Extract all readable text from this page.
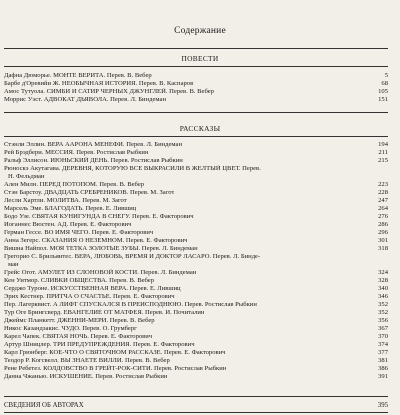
Содержание
ПОВЕСТИ
Дафна Дюморье. МОНТЕ ВЕРИТА. Перев. В. Вебер	5
Барбе д'Оревийи Ж. НЕОБЫЧНАЯ ИСТОРИЯ. Перев. В. Каспаров	68
Амос Тутуола. СИМБИ И САТИР ЧЕРНЫХ ДЖУНГЛЕЙ. Перев. В. Вебер	105
Моррис Уэст. АДВОКАТ ДЬЯВОЛА. Перев. Л. Биндеман	151
РАССКАЗЫ
Стэнли Эллин. ВЕРА ААРОНА МЕНЕФИ. Перев. Л. Биндеман	194
Рей Брэдбери. МЕССИЯ. Перев. Ростислав Рыбкин	211
Ральф Эллисон. ИЮНЬСКИЙ ДЕНЬ. Перев. Ростислав Рыбкин	215
Рюноскэ Акутагава. ДЕРЕВНЯ, КОТОРУЮ ВСЕ ВЫКРАСИЛИ В ЖЕЛТЫЙ ЦВЕТ. Перев.
Н. Фельдман
Ален Милн. ПЕРЕД ПОТОПОМ. Перев. В. Вебер	223
Стэн Барстоу. ДВАДЦАТЬ СРЕБРЕНИКОВ. Перев. М. Загот	228
Лесли Хартли. МОЛИТВА. Перев. М. Загот	247
Марсель Эме. БЛАГОДАТЬ. Перев. Е. Лившиц	264
Бодо Узе. СВЯТАЯ КУНИГУНДА В СНЕГУ. Перев. Е. Факторович	276
Иоганнес Вюстен. АД. Перев. Е. Факторович	286
Герман Гессе. ВО ИМЯ ЧЕГО. Перев. Е. Факторович	296
Анна Зегерс. СКАЗАНИЯ О НЕЗЕМНОМ. Перев. Е. Факторович	301
Вишна Найпол. МОЯ ТЕТКА ЗОЛОТЫЕ ЗУБЫ. Перев. Л. Биндеман	318
Грегорио С. Брильянтес. ВЕРА, ЛЮБОВЬ, ВРЕМЯ И ДОКТОР ЛАСАРО. Перев. Л. Бинде-
ман
Грейс Огот. АМУЛЕТ ИЗ СЛОНОВОЙ КОСТИ. Перев. Л. Биндеман	324
Кен Уитмор. СЛИВКИ ОБЩЕСТВА. Перев. В. Вебер	328
Серджо Туроне. ИСКУССТВЕННАЯ ВЕРА. Перев. Е. Лившиц	340
Эрих Кестнер. ПРИТЧА О СЧАСТЬЕ. Перев. Е. Факторович	346
Пер. Лагерквист. А ЛИФТ СПУСКАЛСЯ В ПРЕИСПОДНЮЮ. Перев. Ростислав Рыбкин	352
Тур Оге Брингсверд. ЕВАНГЕЛИЕ ОТ МАТФЕЯ. Перев. И. Почиталин	352
Джеймс Планкетт. ДЖЕННИ-МЕРИ. Перев. В. Вебер	356
Никос Казандзакис. ЧУДО. Перев. О. Грумберг	367
Карел Чапек. СВЯТАЯ НОЧЬ. Перев. Е. Факторович	370
Артур Шницлер. ТРИ ПРЕДУПРЕЖДЕНИЯ. Перев. Е. Факторович	374
Карл Грюнберг. КОЕ-ЧТО О СВЯТОЧНОМ РАССКАЗЕ. Перев. Е. Факторович	377
Теодор Р. Когсвелл. ВЫ ЗНАЕТЕ ВИЛЛИ. Перев. В. Вебер	381
Рене Ребетез. КОЛДОВСТВО В ГРЕЙТ-РОК-СИТИ. Перев. Ростислав Рыбкин	386
Данна Чжанью. ИСКУШЕНИЕ. Перев. Ростислав Рыбкин	391
СВЕДЕНИЯ ОБ АВТОРАХ	395
